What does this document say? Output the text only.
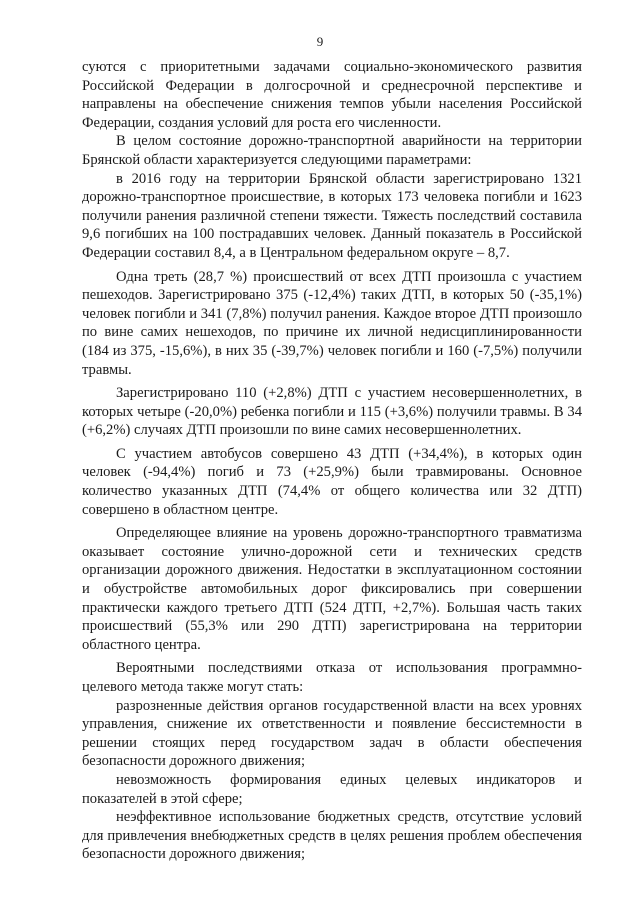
9

суются с приоритетными задачами социально-экономического развития Российской Федерации в долгосрочной и среднесрочной перспективе и направлены на обеспечение снижения темпов убыли населения Российской Федерации, создания условий для роста его численности.

В целом состояние дорожно-транспортной аварийности на территории Брянской области характеризуется следующими параметрами:

в 2016 году на территории Брянской области зарегистрировано 1321 дорожно-транспортное происшествие, в которых 173 человека погибли и 1623 получили ранения различной степени тяжести. Тяжесть последствий составила 9,6 погибших на 100 пострадавших человек. Данный показатель в Российской Федерации составил 8,4, а в Центральном федеральном округе – 8,7.

Одна треть (28,7 %) происшествий от всех ДТП произошла с участием пешеходов. Зарегистрировано 375 (-12,4%) таких ДТП, в которых 50 (-35,1%) человек погибли и 341 (7,8%) получил ранения. Каждое второе ДТП произошло по вине самих нешеходов, по причине их личной недисциплинированности (184 из 375, -15,6%), в них 35 (-39,7%) человек погибли и 160 (-7,5%) получили травмы.

Зарегистрировано 110 (+2,8%) ДТП с участием несовершеннолетних, в которых четыре (-20,0%) ребенка погибли и 115 (+3,6%) получили травмы. В 34 (+6,2%) случаях ДТП произошли по вине самих несовершеннолетних.

С участием автобусов совершено 43 ДТП (+34,4%), в которых один человек (-94,4%) погиб и 73 (+25,9%) были травмированы. Основное количество указанных ДТП (74,4% от общего количества или 32 ДТП) совершено в областном центре.

Определяющее влияние на уровень дорожно-транспортного травматизма оказывает состояние улично-дорожной сети и технических средств организации дорожного движения. Недостатки в эксплуатационном состоянии и обустройстве автомобильных дорог фиксировались при совершении практически каждого третьего ДТП (524 ДТП, +2,7%). Большая часть таких происшествий (55,3% или 290 ДТП) зарегистрирована на территории областного центра.

Вероятными последствиями отказа от использования программно-целевого метода также могут стать:

разрозненные действия органов государственной власти на всех уровнях управления, снижение их ответственности и появление бессистемности в решении стоящих перед государством задач в области обеспечения безопасности дорожного движения;

невозможность формирования единых целевых индикаторов и показателей в этой сфере;

неэффективное использование бюджетных средств, отсутствие условий для привлечения внебюджетных средств в целях решения проблем обеспечения безопасности дорожного движения;
